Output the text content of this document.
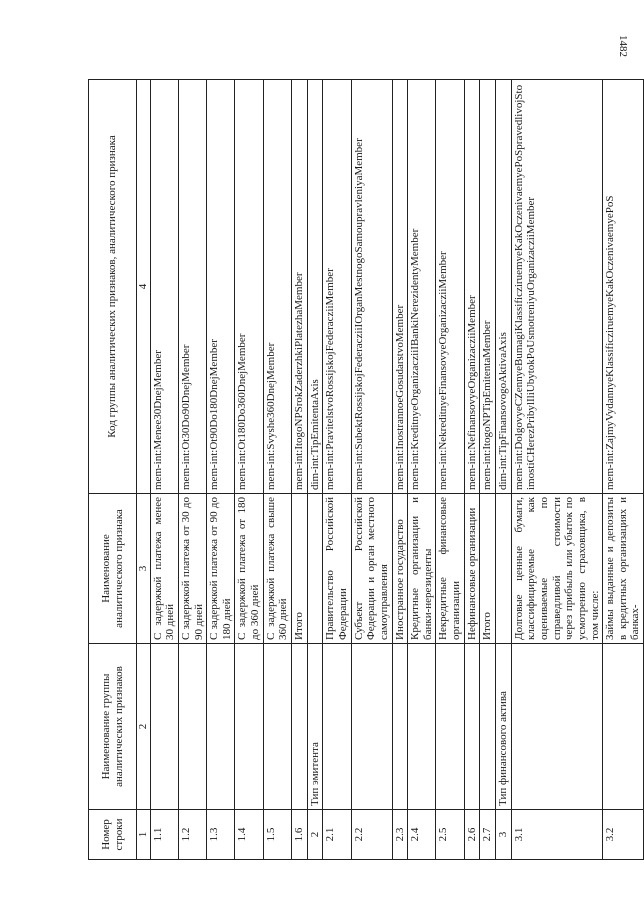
1482
Номер строки	Наименование группы аналитических признаков	Наименование аналитического признака	Код группы аналитических признаков, аналитического признака
1	2	3	4
1.1		С задержкой платежа менее 30 дней	mem-int:Menee30DnejMember
1.2		С задержкой платежа от 30 до 90 дней	mem-int:Ot30Do90DnejMember
1.3		С задержкой платежа от 90 до 180 дней	mem-int:Ot90Do180DnejMember
1.4		С задержкой платежа от 180 до 360 дней	mem-int:Ot180Do360DnejMember
1.5		С задержкой платежа свыше 360 дней	mem-int:Svyshe360DnejMember
1.6		Итого	mem-int:ItogoNPSrokZaderzhkiPlatezhaMember
2	Тип эмитента		dim-int:TipEmitentaAxis
2.1		Правительство Российской Федерации	mem-int:PravitelstvoRossijskojFederacziiMember
2.2		Субъект Российской Федерации и орган местного самоуправления	mem-int:SubektRossijskojFederacziiIOrganMestnogoSamoupravleniyaMember
2.3		Иностранное государство	mem-int:InostrannoeGosudarstvoMember
2.4		Кредитные организации и банки-нерезиденты	mem-int:KreditnyeOrganizacziiIBankiNerezidentyMember
2.5		Некредитные финансовые организации	mem-int:NekreditnyeFinansovyeOrganizacziiMember
2.6		Нефинансовые организации	mem-int:NefinansovyeOrganizacziiMember
2.7		Итого	mem-int:ItogoNPTipEmitentaMember
3	Тип финансового актива		dim-int:TipFinansovogoAktivaAxis
3.1		Долговые ценные бумаги, классифицируемые как оцениваемые по справедливой стоимости через прибыль или убыток по усмотрению страховщика, в том числе:	mem-int:DolgovyeCZennyeBumagiKlassificziruemyeKakOczenivaemyePoSpravedlivojStoimostiCHerezPribylIliUbytokPoUsmotreniyuOrganizacziiMember
3.2		Займы выданные и депозиты в кредитных организациях и банках-	mem-int:ZajmyVydannyeKlassificziruemyeKakOczenivaemyePoS
